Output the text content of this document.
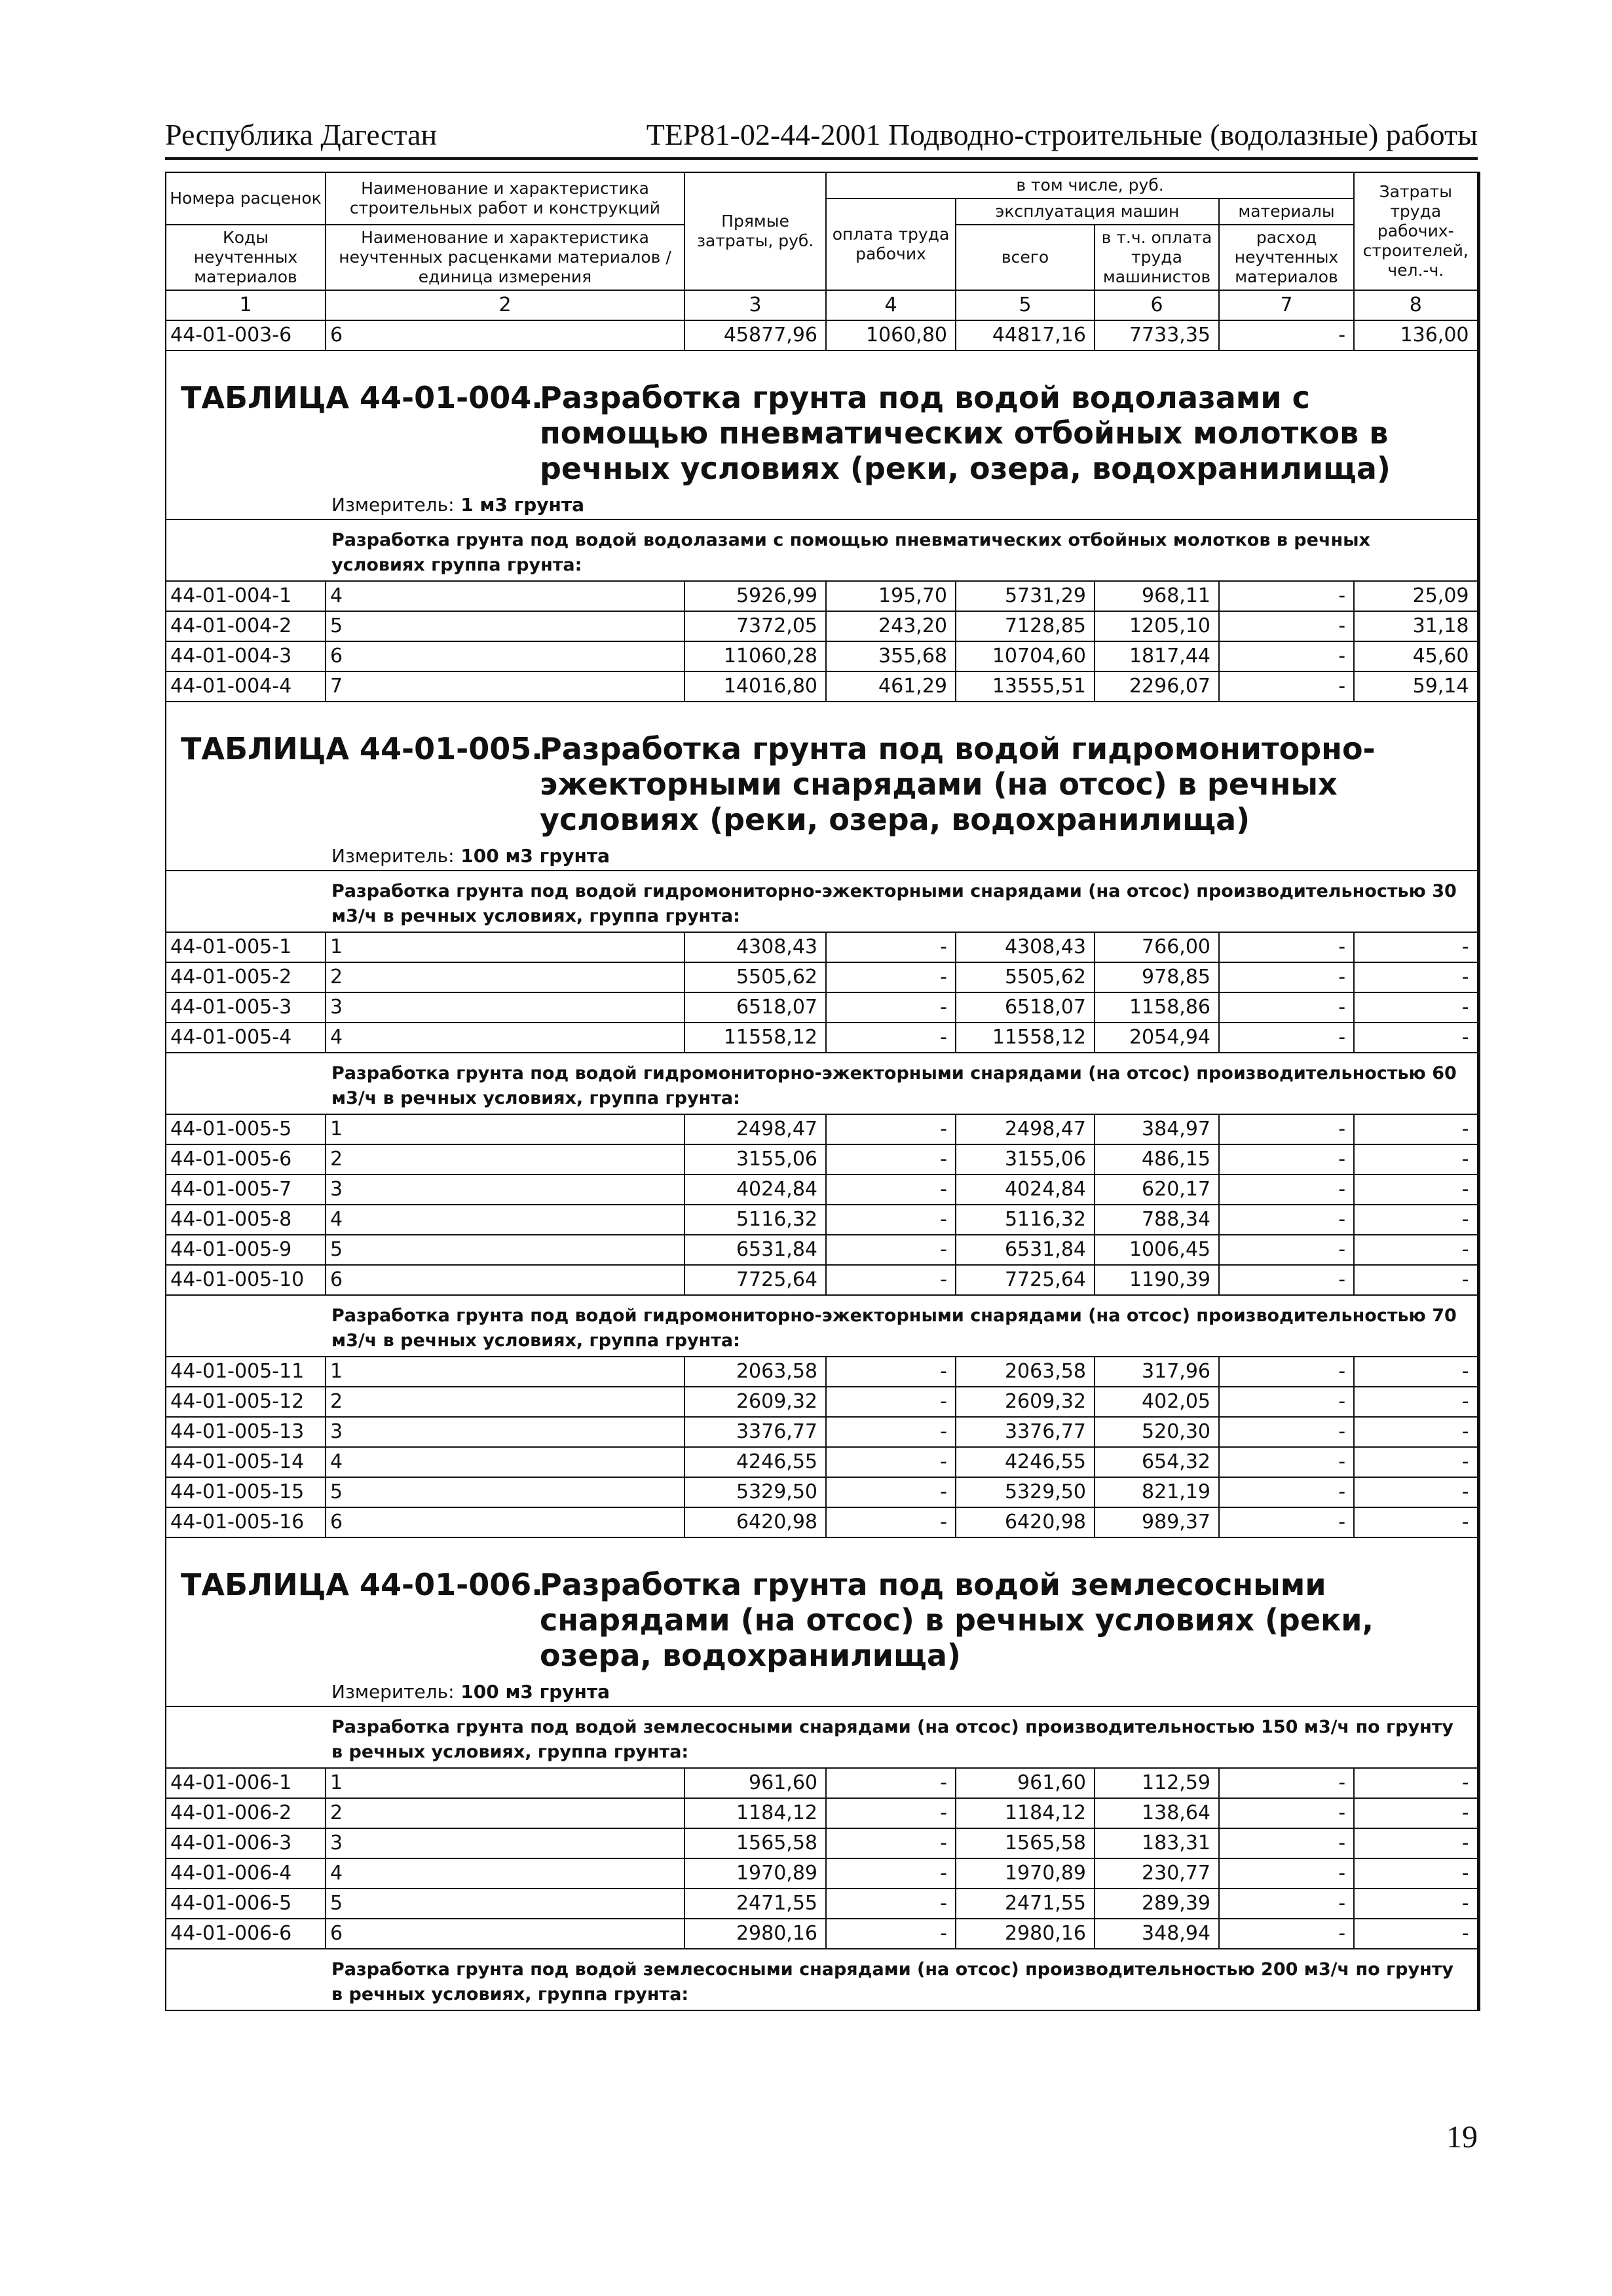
Республика Дагестан	ТЕР81-02-44-2001 Подводно-строительные (водолазные) работы
Номера расценок	Наименование и характеристика строительных работ и конструкций	Прямые затраты, руб.	в том числе, руб.				Затраты труда рабочих-строителей, чел.-ч.
			оплата труда рабочих	эксплуатация машин		материалы	
Коды неучтенных материалов	Наименование и характеристика неучтенных расценками материалов / единица измерения			всего	в т.ч. оплата труда машинистов	расход неучтенных материалов	

1	2	3	4	5	6	7	8
44-01-003-6	6	45877,96	1060,80	44817,16	7733,35	-	136,00

ТАБЛИЦА 44-01-004.
Разработка грунта под водой водолазами с помощью пневматических отбойных молотков в речных условиях (реки, озера, водохранилища)
Измеритель: 1 м3 грунта							

Разработка грунта под водой водолазами с помощью пневматических отбойных молотков в речных условиях группа грунта:							
44-01-004-1	4	5926,99	195,70	5731,29	968,11	-	25,09
44-01-004-2	5	7372,05	243,20	7128,85	1205,10	-	31,18
44-01-004-3	6	11060,28	355,68	10704,60	1817,44	-	45,60
44-01-004-4	7	14016,80	461,29	13555,51	2296,07	-	59,14

ТАБЛИЦА 44-01-005.
Разработка грунта под водой гидромониторно-эжекторными снарядами (на отсос) в речных условиях (реки, озера, водохранилища)
Измеритель: 100 м3 грунта							

Разработка грунта под водой гидромониторно-эжекторными снарядами (на отсос) производительностью 30 м3/ч в речных условиях, группа грунта:							
44-01-005-1	1	4308,43	-	4308,43	766,00	-	-
44-01-005-2	2	5505,62	-	5505,62	978,85	-	-
44-01-005-3	3	6518,07	-	6518,07	1158,86	-	-
44-01-005-4	4	11558,12	-	11558,12	2054,94	-	-
Разработка грунта под водой гидромониторно-эжекторными снарядами (на отсос) производительностью 60 м3/ч в речных условиях, группа грунта:							
44-01-005-5	1	2498,47	-	2498,47	384,97	-	-
44-01-005-6	2	3155,06	-	3155,06	486,15	-	-
44-01-005-7	3	4024,84	-	4024,84	620,17	-	-
44-01-005-8	4	5116,32	-	5116,32	788,34	-	-
44-01-005-9	5	6531,84	-	6531,84	1006,45	-	-
44-01-005-10	6	7725,64	-	7725,64	1190,39	-	-
Разработка грунта под водой гидромониторно-эжекторными снарядами (на отсос) производительностью 70 м3/ч в речных условиях, группа грунта:							
44-01-005-11	1	2063,58	-	2063,58	317,96	-	-
44-01-005-12	2	2609,32	-	2609,32	402,05	-	-
44-01-005-13	3	3376,77	-	3376,77	520,30	-	-
44-01-005-14	4	4246,55	-	4246,55	654,32	-	-
44-01-005-15	5	5329,50	-	5329,50	821,19	-	-
44-01-005-16	6	6420,98	-	6420,98	989,37	-	-

ТАБЛИЦА 44-01-006.
Разработка грунта под водой землесосными снарядами (на отсос) в речных условиях (реки, озера, водохранилища)
Измеритель: 100 м3 грунта							

Разработка грунта под водой землесосными снарядами (на отсос) производительностью 150 м3/ч по грунту в речных условиях, группа грунта:							
44-01-006-1	1	961,60	-	961,60	112,59	-	-
44-01-006-2	2	1184,12	-	1184,12	138,64	-	-
44-01-006-3	3	1565,58	-	1565,58	183,31	-	-
44-01-006-4	4	1970,89	-	1970,89	230,77	-	-
44-01-006-5	5	2471,55	-	2471,55	289,39	-	-
44-01-006-6	6	2980,16	-	2980,16	348,94	-	-
Разработка грунта под водой землесосными снарядами (на отсос) производительностью 200 м3/ч по грунту в речных условиях, группа грунта:							
19
